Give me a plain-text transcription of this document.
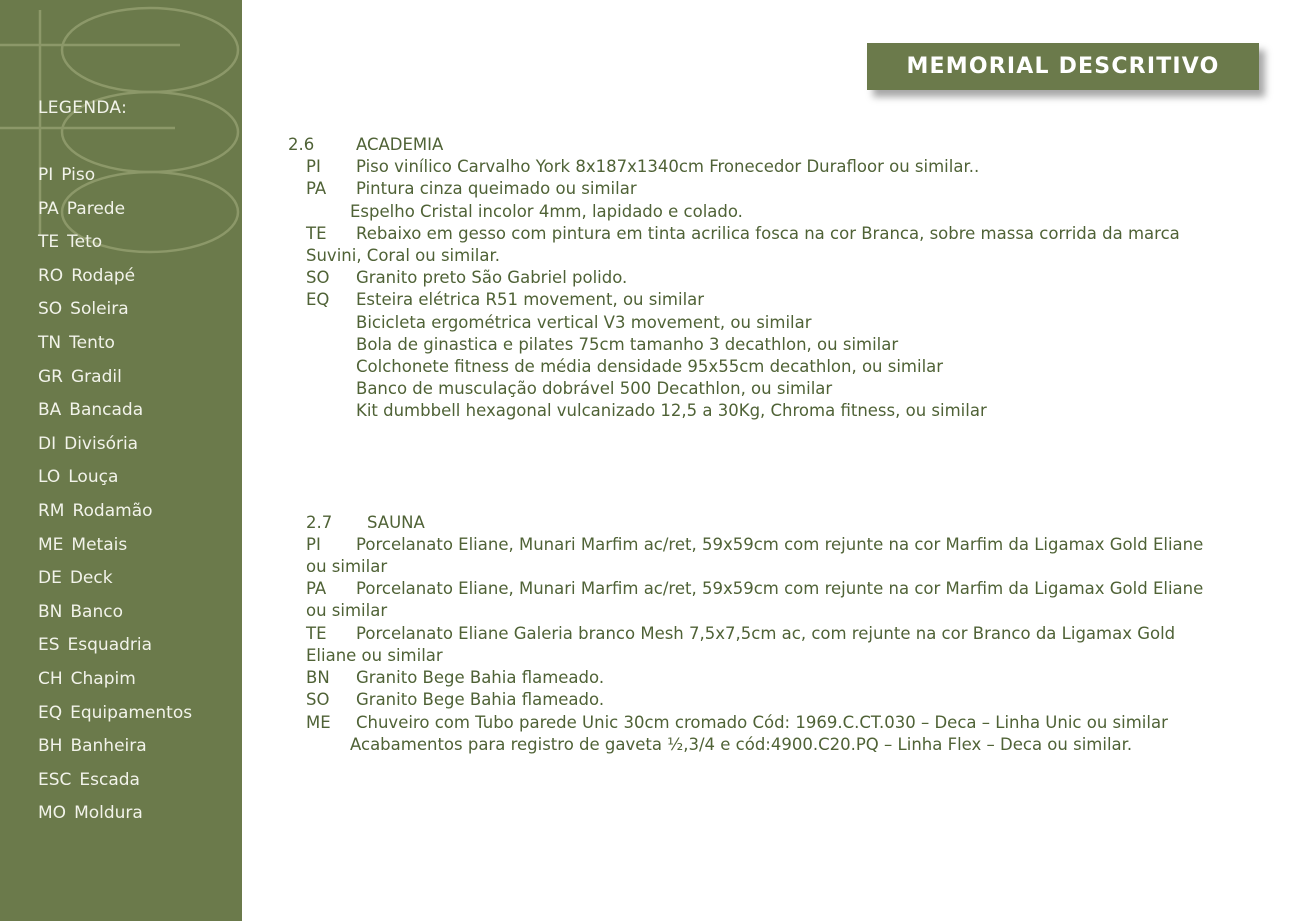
LEGENDA:
PI Piso
PA Parede
TE Teto
RO Rodapé
SO Soleira
TN Tento
GR Gradil
BA Bancada
DI Divisória
LO Louça
RM Rodamão
ME Metais
DE Deck
BN Banco
ES Esquadria
CH Chapim
EQ Equipamentos
BH Banheira
ESC Escada
MO Moldura
MEMORIAL DESCRITIVO
2.6	ACADEMIA
PI Piso vinílico Carvalho York 8x187x1340cm Fronecedor Durafloor ou similar..
PA Pintura cinza queimado ou similar
Espelho Cristal incolor 4mm, lapidado e colado.
TE Rebaixo em gesso com pintura em tinta acrilica fosca na cor Branca, sobre massa corrida da marca
Suvini, Coral ou similar.
SO Granito preto São Gabriel polido.
EQ Esteira elétrica R51 movement, ou similar
Bicicleta ergométrica vertical V3 movement, ou similar
Bola de ginastica e pilates 75cm tamanho 3 decathlon, ou similar
Colchonete fitness de média densidade 95x55cm decathlon, ou similar
Banco de musculação dobrável 500 Decathlon, ou similar
Kit dumbbell hexagonal vulcanizado 12,5 a 30Kg, Chroma fitness, ou similar
2.7 SAUNA
PI Porcelanato Eliane, Munari Marfim ac/ret, 59x59cm com rejunte na cor Marfim da Ligamax Gold Eliane
ou similar
PA Porcelanato Eliane, Munari Marfim ac/ret, 59x59cm com rejunte na cor Marfim da Ligamax Gold Eliane
ou similar
TE Porcelanato Eliane Galeria branco Mesh 7,5x7,5cm ac, com rejunte na cor Branco da Ligamax Gold
Eliane ou similar
BN Granito Bege Bahia flameado.
SO Granito Bege Bahia flameado.
ME Chuveiro com Tubo parede Unic 30cm cromado Cód: 1969.C.CT.030 – Deca – Linha Unic ou similar
Acabamentos para registro de gaveta ½,3/4 e cód:4900.C20.PQ – Linha Flex – Deca ou similar.
